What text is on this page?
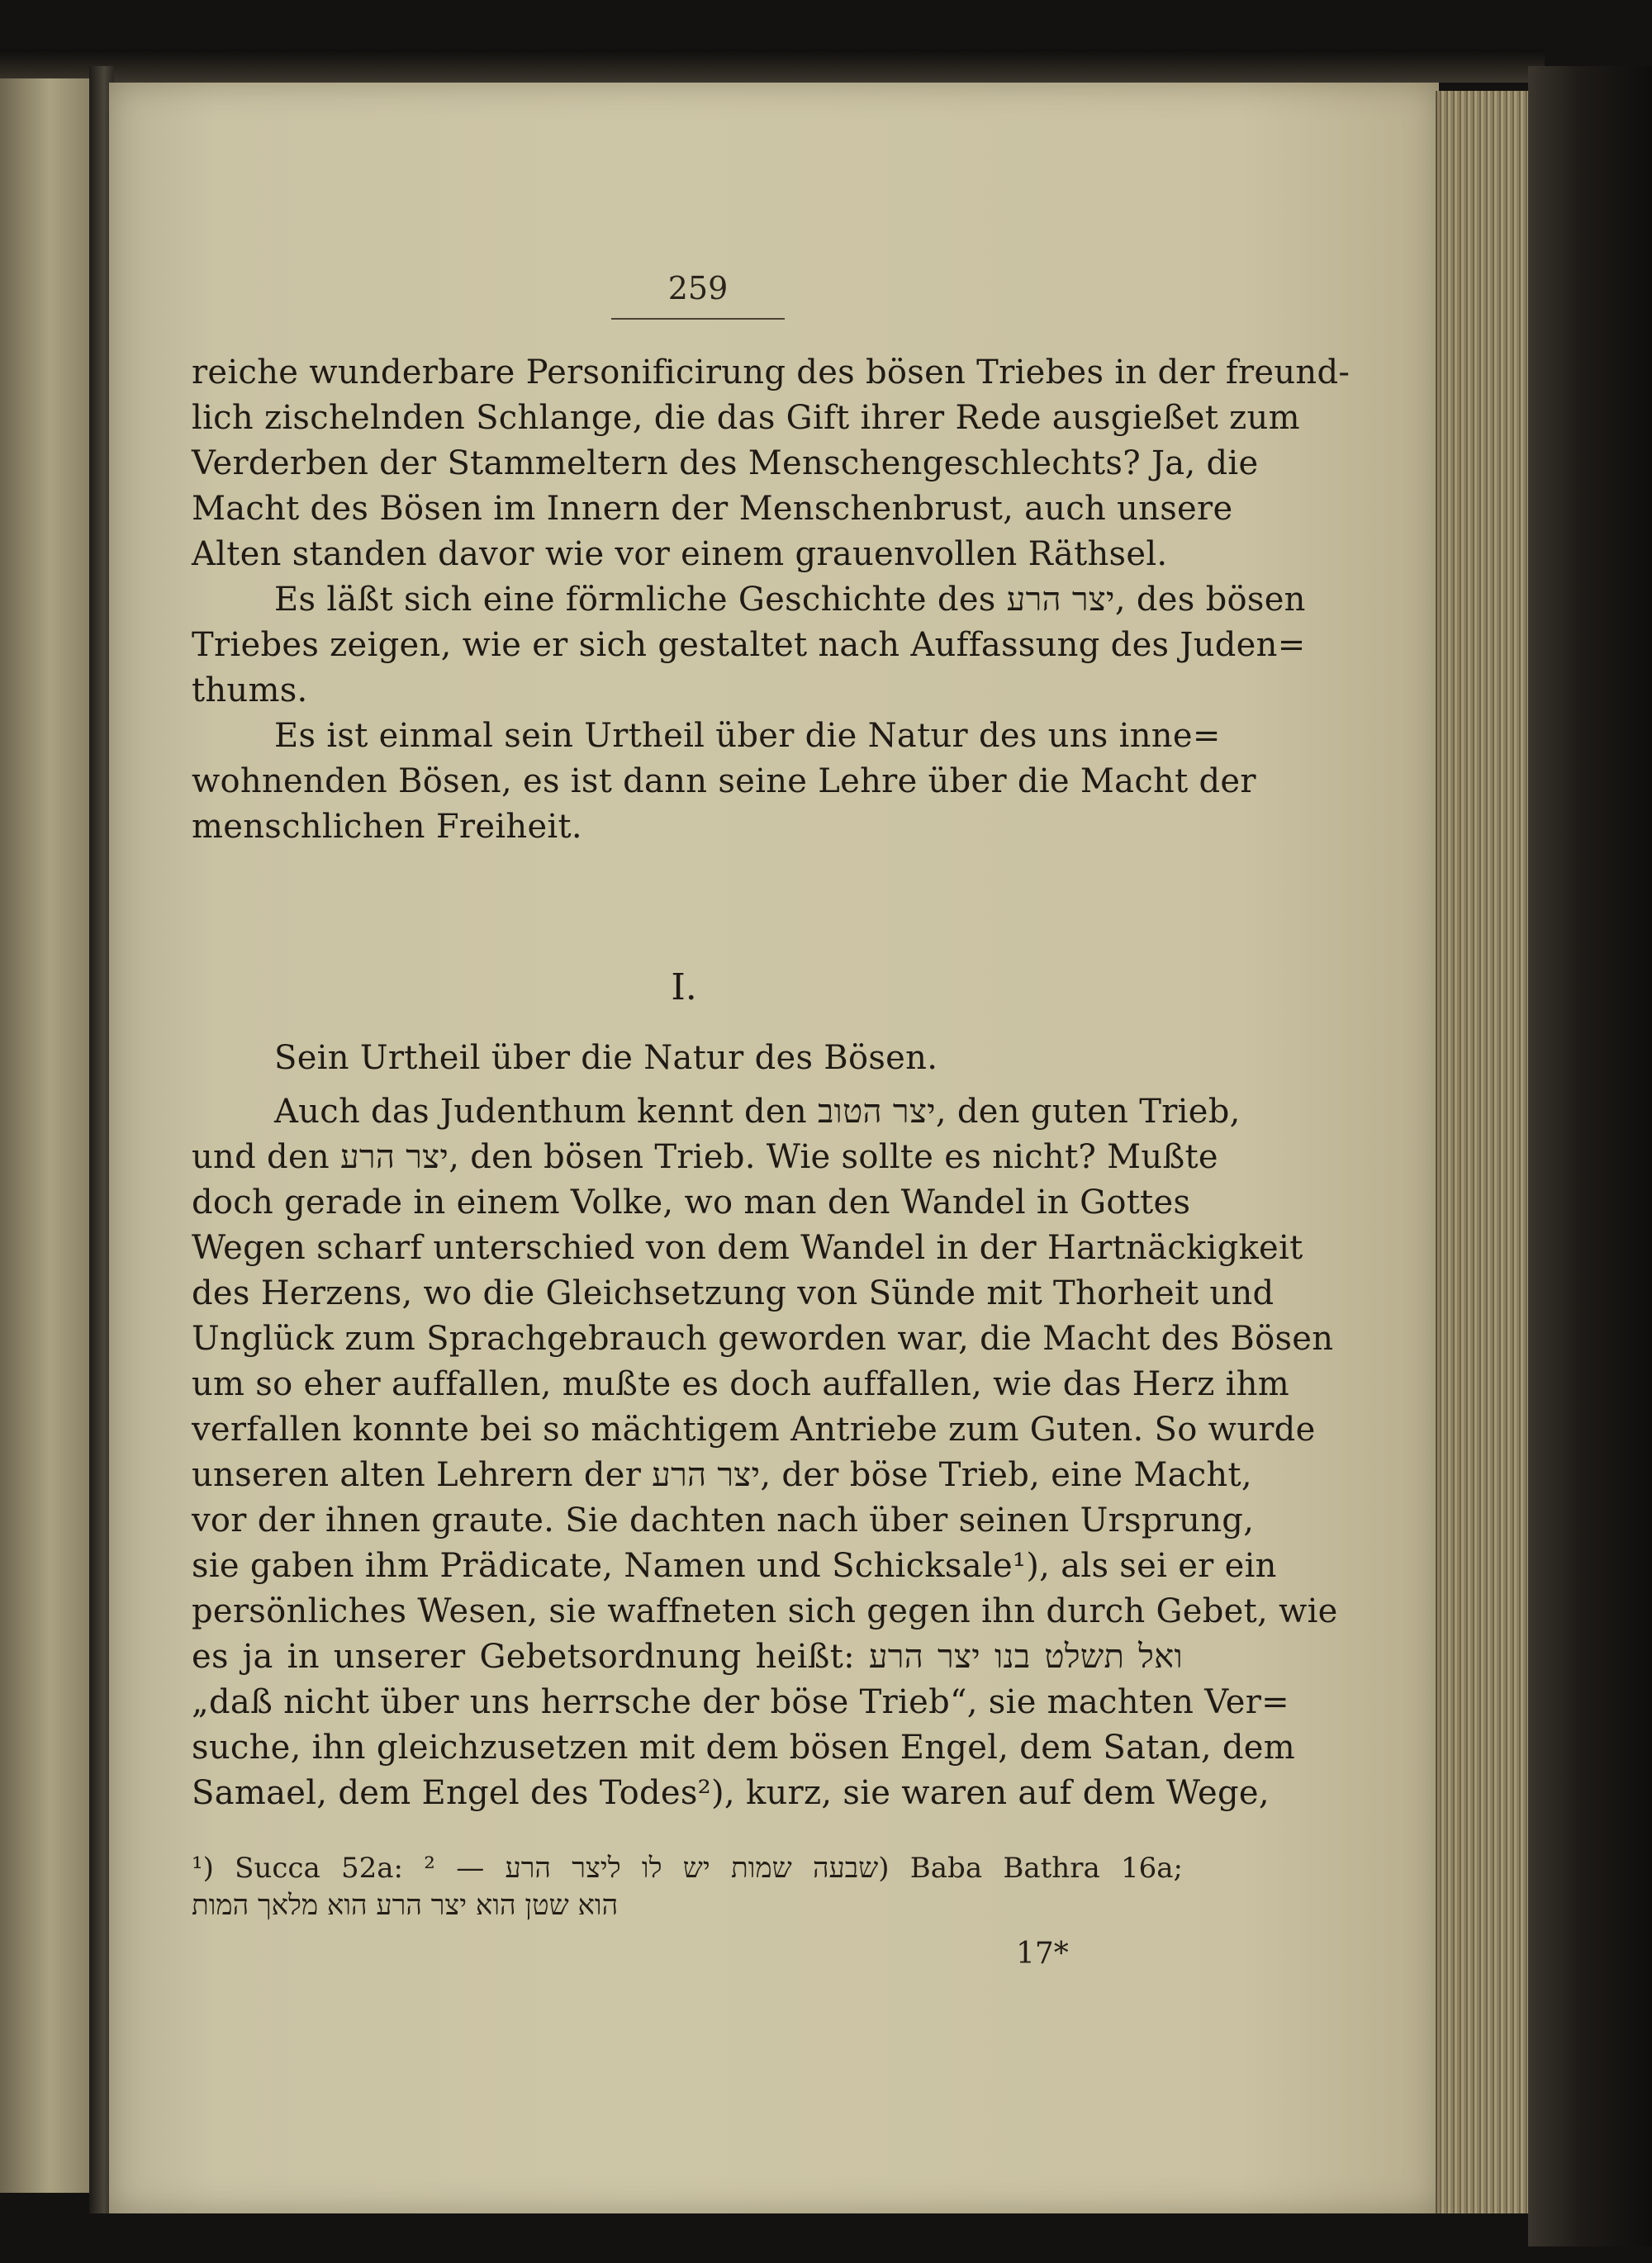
259
reiche wunderbare Personificirung des bösen Triebes in der freund-
lich zischelnden Schlange, die das Gift ihrer Rede ausgießet zum
Verderben der Stammeltern des Menschengeschlechts? Ja, die
Macht des Bösen im Innern der Menschenbrust, auch unsere
Alten standen davor wie vor einem grauenvollen Räthsel.
Es läßt sich eine förmliche Geschichte des יצר הרע, des bösen
Triebes zeigen, wie er sich gestaltet nach Auffassung des Juden=
thums.
Es ist einmal sein Urtheil über die Natur des uns inne=
wohnenden Bösen, es ist dann seine Lehre über die Macht der
menschlichen Freiheit.
I.
Sein Urtheil über die Natur des Bösen.
Auch das Judenthum kennt den יצר הטוב, den guten Trieb,
und den יצר הרע, den bösen Trieb. Wie sollte es nicht? Mußte
doch gerade in einem Volke, wo man den Wandel in Gottes
Wegen scharf unterschied von dem Wandel in der Hartnäckigkeit
des Herzens, wo die Gleichsetzung von Sünde mit Thorheit und
Unglück zum Sprachgebrauch geworden war, die Macht des Bösen
um so eher auffallen, mußte es doch auffallen, wie das Herz ihm
verfallen konnte bei so mächtigem Antriebe zum Guten. So wurde
unseren alten Lehrern der יצר הרע, der böse Trieb, eine Macht,
vor der ihnen graute. Sie dachten nach über seinen Ursprung,
sie gaben ihm Prädicate, Namen und Schicksale¹), als sei er ein
persönliches Wesen, sie waffneten sich gegen ihn durch Gebet, wie
es ja in unserer Gebetsordnung heißt: ואל תשלט בנו יצר הרע
„daß nicht über uns herrsche der böse Trieb“, sie machten Ver=
suche, ihn gleichzusetzen mit dem bösen Engel, dem Satan, dem
Samael, dem Engel des Todes²), kurz, sie waren auf dem Wege,
¹) Succa 52a: שבעה שמות יש לו ליצר הרע — ²) Baba Bathra 16a;
הוא שטן הוא יצר הרע הוא מלאך המות
17*
